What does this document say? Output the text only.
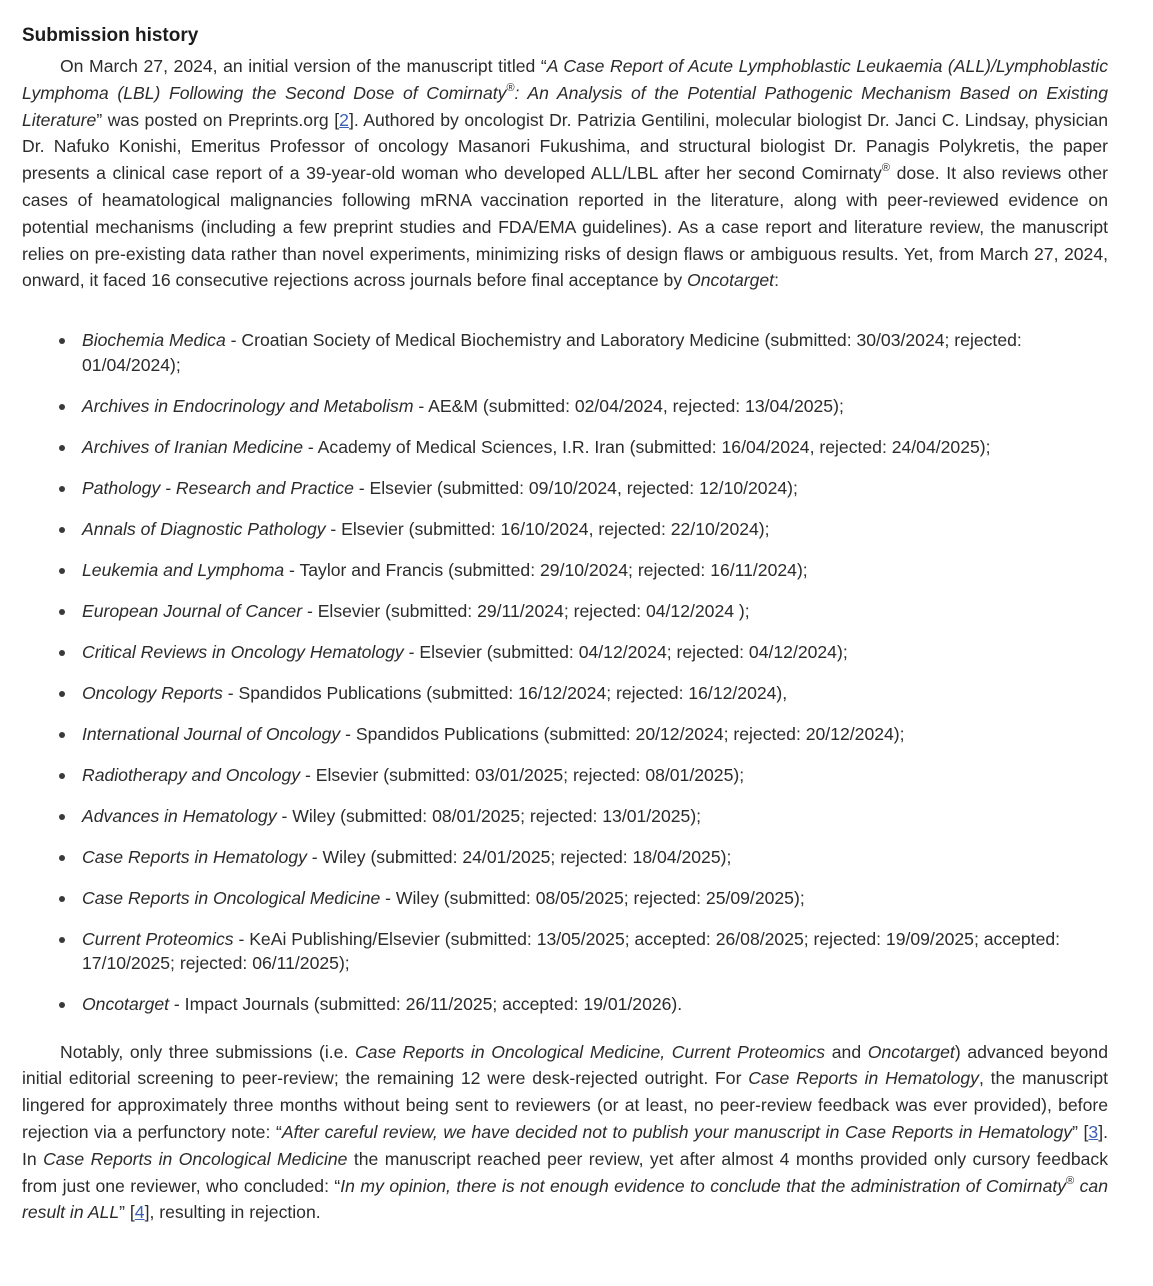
Submission history

On March 27, 2024, an initial version of the manuscript titled “A Case Report of Acute Lymphoblastic Leukaemia (ALL)/Lymphoblastic Lymphoma (LBL) Following the Second Dose of Comirnaty®: An Analysis of the Potential Pathogenic Mechanism Based on Existing Literature” was posted on Preprints.org [2]. Authored by oncologist Dr. Patrizia Gentilini, molecular biologist Dr. Janci C. Lindsay, physician Dr. Nafuko Konishi, Emeritus Professor of oncology Masanori Fukushima, and structural biologist Dr. Panagis Polykretis, the paper presents a clinical case report of a 39-year-old woman who developed ALL/LBL after her second Comirnaty® dose. It also reviews other cases of heamatological malignancies following mRNA vaccination reported in the literature, along with peer-reviewed evidence on potential mechanisms (including a few preprint studies and FDA/EMA guidelines). As a case report and literature review, the manuscript relies on pre-existing data rather than novel experiments, minimizing risks of design flaws or ambiguous results. Yet, from March 27, 2024, onward, it faced 16 consecutive rejections across journals before final acceptance by Oncotarget:

Biochemia Medica - Croatian Society of Medical Biochemistry and Laboratory Medicine (submitted: 30/03/2024; rejected: 01/04/2024);
Archives in Endocrinology and Metabolism - AE&M (submitted: 02/04/2024, rejected: 13/04/2025);
Archives of Iranian Medicine - Academy of Medical Sciences, I.R. Iran (submitted: 16/04/2024, rejected: 24/04/2025);
Pathology - Research and Practice - Elsevier (submitted: 09/10/2024, rejected: 12/10/2024);
Annals of Diagnostic Pathology - Elsevier (submitted: 16/10/2024, rejected: 22/10/2024);
Leukemia and Lymphoma - Taylor and Francis (submitted: 29/10/2024; rejected: 16/11/2024);
European Journal of Cancer - Elsevier (submitted: 29/11/2024; rejected: 04/12/2024 );
Critical Reviews in Oncology Hematology - Elsevier (submitted: 04/12/2024; rejected: 04/12/2024);
Oncology Reports - Spandidos Publications (submitted: 16/12/2024; rejected: 16/12/2024),
International Journal of Oncology - Spandidos Publications (submitted: 20/12/2024; rejected: 20/12/2024);
Radiotherapy and Oncology - Elsevier (submitted: 03/01/2025; rejected: 08/01/2025);
Advances in Hematology - Wiley (submitted: 08/01/2025; rejected: 13/01/2025);
Case Reports in Hematology - Wiley (submitted: 24/01/2025; rejected: 18/04/2025);
Case Reports in Oncological Medicine - Wiley (submitted: 08/05/2025; rejected: 25/09/2025);
Current Proteomics - KeAi Publishing/Elsevier (submitted: 13/05/2025; accepted: 26/08/2025; rejected: 19/09/2025; accepted: 17/10/2025; rejected: 06/11/2025);
Oncotarget - Impact Journals (submitted: 26/11/2025; accepted: 19/01/2026).

Notably, only three submissions (i.e. Case Reports in Oncological Medicine, Current Proteomics and Oncotarget) advanced beyond initial editorial screening to peer-review; the remaining 12 were desk-rejected outright. For Case Reports in Hematology, the manuscript lingered for approximately three months without being sent to reviewers (or at least, no peer-review feedback was ever provided), before rejection via a perfunctory note: “After careful review, we have decided not to publish your manuscript in Case Reports in Hematology” [3]. In Case Reports in Oncological Medicine the manuscript reached peer review, yet after almost 4 months provided only cursory feedback from just one reviewer, who concluded: “In my opinion, there is not enough evidence to conclude that the administration of Comirnaty® can result in ALL” [4], resulting in rejection.
